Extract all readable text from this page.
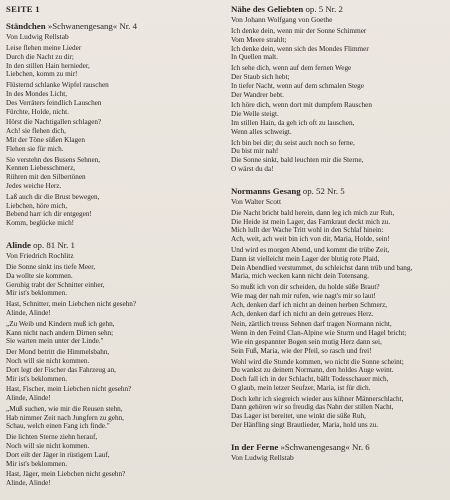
SEITE 1
Ständchen »Schwanengesang« Nr. 4
Von Ludwig Rellstab
Leise flehen meine Lieder
Durch die Nacht zu dir;
In den stillen Hain hernieder,
Liebchen, komm zu mir!
Flüsternd schlanke Wipfel rauschen
In des Mondes Licht,
Des Verräters feindlich Lauschen
Fürchte, Holde, nicht.
Hörst die Nachtigallen schlagen?
Ach! sie flehen dich,
Mit der Töne süßen Klagen
Flehen sie für mich.
Sie verstehn des Busens Sehnen,
Kennen Liebesschmerz,
Rühren mit den Silbertönen
Jedes weiche Herz.
Laß auch dir die Brust bewegen,
Liebchen, höre mich,
Bebend harr ich dir entgegen!
Komm, beglücke mich!
Alinde op. 81 Nr. 1
Von Friedrich Rochlitz
Die Sonne sinkt ins tiefe Meer,
Da wollte sie kommen.
Geruhig trabt der Schnitter einher,
Mir ist's beklommen.
Hast, Schnitter, mein Liebchen nicht gesehn?
Alinde, Alinde!
„Zu Weib und Kindern muß ich gehn,
Kann nicht nach andern Dirnen sehn;
Sie warten mein unter der Linde."
Der Mond betritt die Himmelsbahn,
Noch will sie nicht kommen.
Dort legt der Fischer das Fahrzeug an,
Mir ist's beklommen.
Hast, Fischer, mein Liebchen nicht gesehn?
Alinde, Alinde!
„Muß suchen, wie mir die Reusen stehn,
Hab nimmer Zeit nach Jungfern zu gehn,
Schau, welch einen Fang ich finde."
Die lichten Sterne ziehn herauf,
Noch will sie nicht kommen.
Dort eilt der Jäger in rüstigem Lauf,
Mir ist's beklommen.
Hast, Jäger, mein Liebchen nicht gesehn?
Alinde, Alinde!
Nähe des Geliebten op. 5 Nr. 2
Von Johann Wolfgang von Goethe
Ich denke dein, wenn mir der Sonne Schimmer
Vom Meere strahlt;
Ich denke dein, wenn sich des Mondes Flimmer
In Quellen malt.
Ich sehe dich, wenn auf dem fernen Wege
Der Staub sich hebt;
In tiefer Nacht, wenn auf dem schmalen Stege
Der Wandrer bebt.
Ich höre dich, wenn dort mit dumpfem Rauschen
Die Welle steigt.
Im stillen Hain, da geh ich oft zu lauschen,
Wenn alles schweigt.
Ich bin bei dir; du seist auch noch so ferne,
Du bist mir nah!
Die Sonne sinkt, bald leuchten mir die Sterne,
O wärst du da!
Normanns Gesang op. 52 Nr. 5
Von Walter Scott
Die Nacht bricht bald herein, dann leg ich mich zur Ruh,
Die Heide ist mein Lager, das Farnkraut deckt mich zu.
Mich lullt der Wache Tritt wohl in den Schlaf hinein:
Ach, weit, ach weit bin ich von dir, Maria, Holde, sein!
Und wird es morgen Abend, und kommt die trübe Zeit,
Dann ist vielleicht mein Lager der blutig rote Plaid,
Dein Abendlied verstummet, du schleichst dann trüb und bang,
Maria, mich wecken kann nicht dein Totensang.
So mußt ich von dir scheiden, du holde süße Braut?
Wie mag der nah mir rufen, wie nagt's mir so laut!
Ach, denken darf ich nicht an deinen herben Schmerz,
Ach, denken darf ich nicht an dein getreues Herz.
Nein, zärtlich treuss Sehnen darf tragen Normann nicht,
Wenn in den Feind Clan-Alpine wie Sturm und Hagel bricht;
Wie ein gespannter Bogen sein mutig Herz dann sei,
Sein Fuß, Maria, wie der Pfeil, so rasch und frei!
Wohl wird die Stunde kommen, wo nicht die Sonne scheint;
Du wankst zu deinem Normann, den holdes Auge weint.
Doch fall ich in der Schlacht, bällt Todesschauer mich,
O glaub, mein letzer Seufzer, Maria, ist für dich.
Doch kehr ich siegreich wieder aus kühner Männerschlacht,
Dann gehören wir so freudig das Nahn der stillen Nacht,
Das Lager ist bereitet, une winkt die süße Ruh,
Der Hänfling singt Brautlieder, Maria, hold uns zu.
In der Ferne »Schwanengesang« Nr. 6
Von Ludwig Rellstab
